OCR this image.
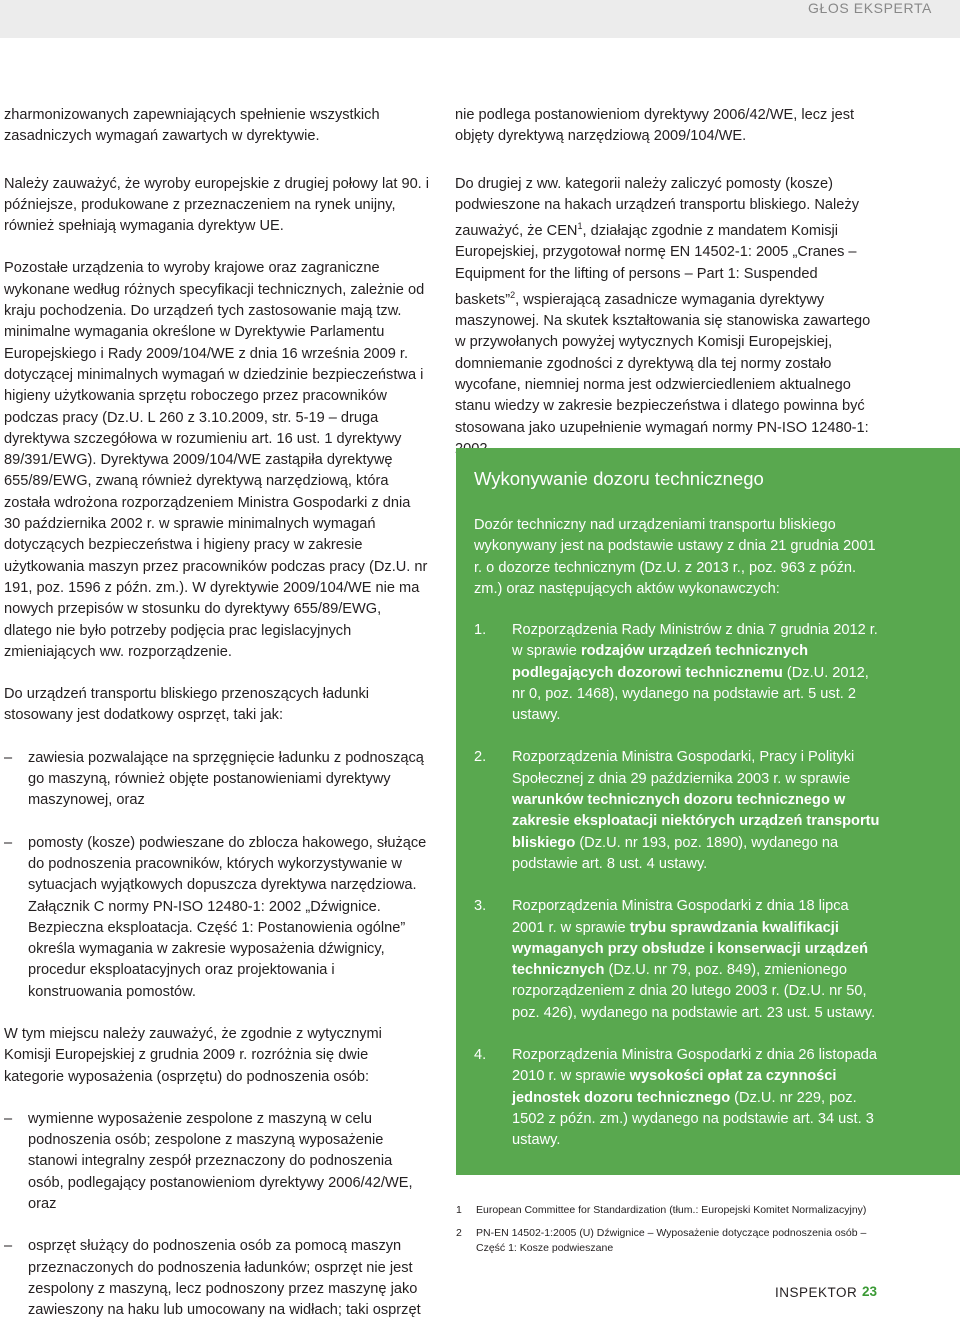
GŁOS EKSPERTA

zharmonizowanych zapewniających spełnienie wszystkich zasadniczych wymagań zawartych w dyrektywie.

Należy zauważyć, że wyroby europejskie z drugiej połowy lat 90. i późniejsze, produkowane z przeznaczeniem na rynek unijny, również spełniają wymagania dyrektyw UE.

Pozostałe urządzenia to wyroby krajowe oraz zagraniczne wykonane według różnych specyfikacji technicznych, zależnie od kraju pochodzenia. Do urządzeń tych zastosowanie mają tzw. minimalne wymagania określone w Dyrektywie Parlamentu Europejskiego i Rady 2009/104/WE z dnia 16 września 2009 r. dotyczącej minimalnych wymagań w dziedzinie bezpieczeństwa i higieny użytkowania sprzętu roboczego przez pracowników podczas pracy (Dz.U. L 260 z 3.10.2009, str. 5-19 – druga dyrektywa szczegółowa w rozumieniu art. 16 ust. 1 dyrektywy 89/391/EWG). Dyrektywa 2009/104/WE zastąpiła dyrektywę 655/89/EWG, zwaną również dyrektywą narzędziową, która została wdrożona rozporządzeniem Ministra Gospodarki z dnia 30 października 2002 r. w sprawie minimalnych wymagań dotyczących bezpieczeństwa i higieny pracy w zakresie użytkowania maszyn przez pracowników podczas pracy (Dz.U. nr 191, poz. 1596 z późn. zm.). W dyrektywie 2009/104/WE nie ma nowych przepisów w stosunku do dyrektywy 655/89/EWG, dlatego nie było potrzeby podjęcia prac legislacyjnych zmieniających ww. rozporządzenie.

Do urządzeń transportu bliskiego przenoszących ładunki stosowany jest dodatkowy osprzęt, taki jak:

– zawiesia pozwalające na sprzęgnięcie ładunku z podnoszącą go maszyną, również objęte postanowieniami dyrektywy maszynowej, oraz
– pomosty (kosze) podwieszane do zblocza hakowego, służące do podnoszenia pracowników, których wykorzystywanie w sytuacjach wyjątkowych dopuszcza dyrektywa narzędziowa. Załącznik C normy PN-ISO 12480-1: 2002 „Dźwignice. Bezpieczna eksploatacja. Część 1: Postanowienia ogólne” określa wymagania w zakresie wyposażenia dźwignicy, procedur eksploatacyjnych oraz projektowania i konstruowania pomostów.

W tym miejscu należy zauważyć, że zgodnie z wytycznymi Komisji Europejskiej z grudnia 2009 r. rozróżnia się dwie kategorie wyposażenia (osprzętu) do podnoszenia osób:

– wymienne wyposażenie zespolone z maszyną w celu podnoszenia osób; zespolone z maszyną wyposażenie stanowi integralny zespół przeznaczony do podnoszenia osób, podlegający postanowieniom dyrektywy 2006/42/WE, oraz
– osprzęt służący do podnoszenia osób za pomocą maszyn przeznaczonych do podnoszenia ładunków; osprzęt nie jest zespolony z maszyną, lecz podnoszony przez maszynę jako zawieszony na haku lub umocowany na widłach; taki osprzęt

nie podlega postanowieniom dyrektywy 2006/42/WE, lecz jest objęty dyrektywą narzędziową 2009/104/WE.

Do drugiej z ww. kategorii należy zaliczyć pomosty (kosze) podwieszone na hakach urządzeń transportu bliskiego. Należy zauważyć, że CEN$^1$, działając zgodnie z mandatem Komisji Europejskiej, przygotował normę EN 14502-1: 2005 „Cranes – Equipment for the lifting of persons – Part 1: Suspended baskets”$^2$, wspierającą zasadnicze wymagania dyrektywy maszynowej. Na skutek kształtowania się stanowiska zawartego w przywołanych powyżej wytycznych Komisji Europejskiej, domniemanie zgodności z dyrektywą dla tej normy zostało wycofane, niemniej norma jest odzwierciedleniem aktualnego stanu wiedzy w zakresie bezpieczeństwa i dlatego powinna być stosowana jako uzupełnienie wymagań normy PN-ISO 12480-1:

Wykonywanie dozoru technicznego
Dozór techniczny nad urządzeniami transportu bliskiego wykonywany jest na podstawie ustawy z dnia 21 grudnia 2001 r. o dozorze technicznym (Dz.U. z 2013 r., poz. 963 z późn. zm.) oraz następujących aktów wykonawczych:
1. Rozporządzenia Rady Ministrów z dnia 7 grudnia 2012 r. w sprawie rodzajów urządzeń technicznych podlegających dozorowi technicznemu (Dz.U. 2012, nr 0, poz. 1468), wydanego na podstawie art. 5 ust. 2 ustawy.
2. Rozporządzenia Ministra Gospodarki, Pracy i Polityki Społecznej z dnia 29 października 2003 r. w sprawie warunków technicznych dozoru technicznego w zakresie eksploatacji niektórych urządzeń transportu bliskiego (Dz.U. nr 193, poz. 1890), wydanego na podstawie art. 8 ust. 4 ustawy.
3. Rozporządzenia Ministra Gospodarki z dnia 18 lipca 2001 r. w sprawie trybu sprawdzania kwalifikacji wymaganych przy obsłudze i konserwacji urządzeń technicznych (Dz.U. nr 79, poz. 849), zmienionego rozporządzeniem z dnia 20 lutego 2003 r. (Dz.U. nr 50, poz. 426), wydanego na podstawie art. 23 ust. 5 ustawy.
4. Rozporządzenia Ministra Gospodarki z dnia 26 listopada 2010 r. w sprawie wysokości opłat za czynności jednostek dozoru technicznego (Dz.U. nr 229, poz. 1502 z późn. zm.) wydanego na podstawie art. 34 ust. 3 ustawy.
1	European Committee for Standardization (tłum.: Europejski Komitet Normalizacyjny)
2	PN-EN 14502-1:2005 (U) Dźwignice – Wyposażenie dotyczące podnoszenia osób – Część 1: Kosze podwieszane
INSPEKTOR 23
